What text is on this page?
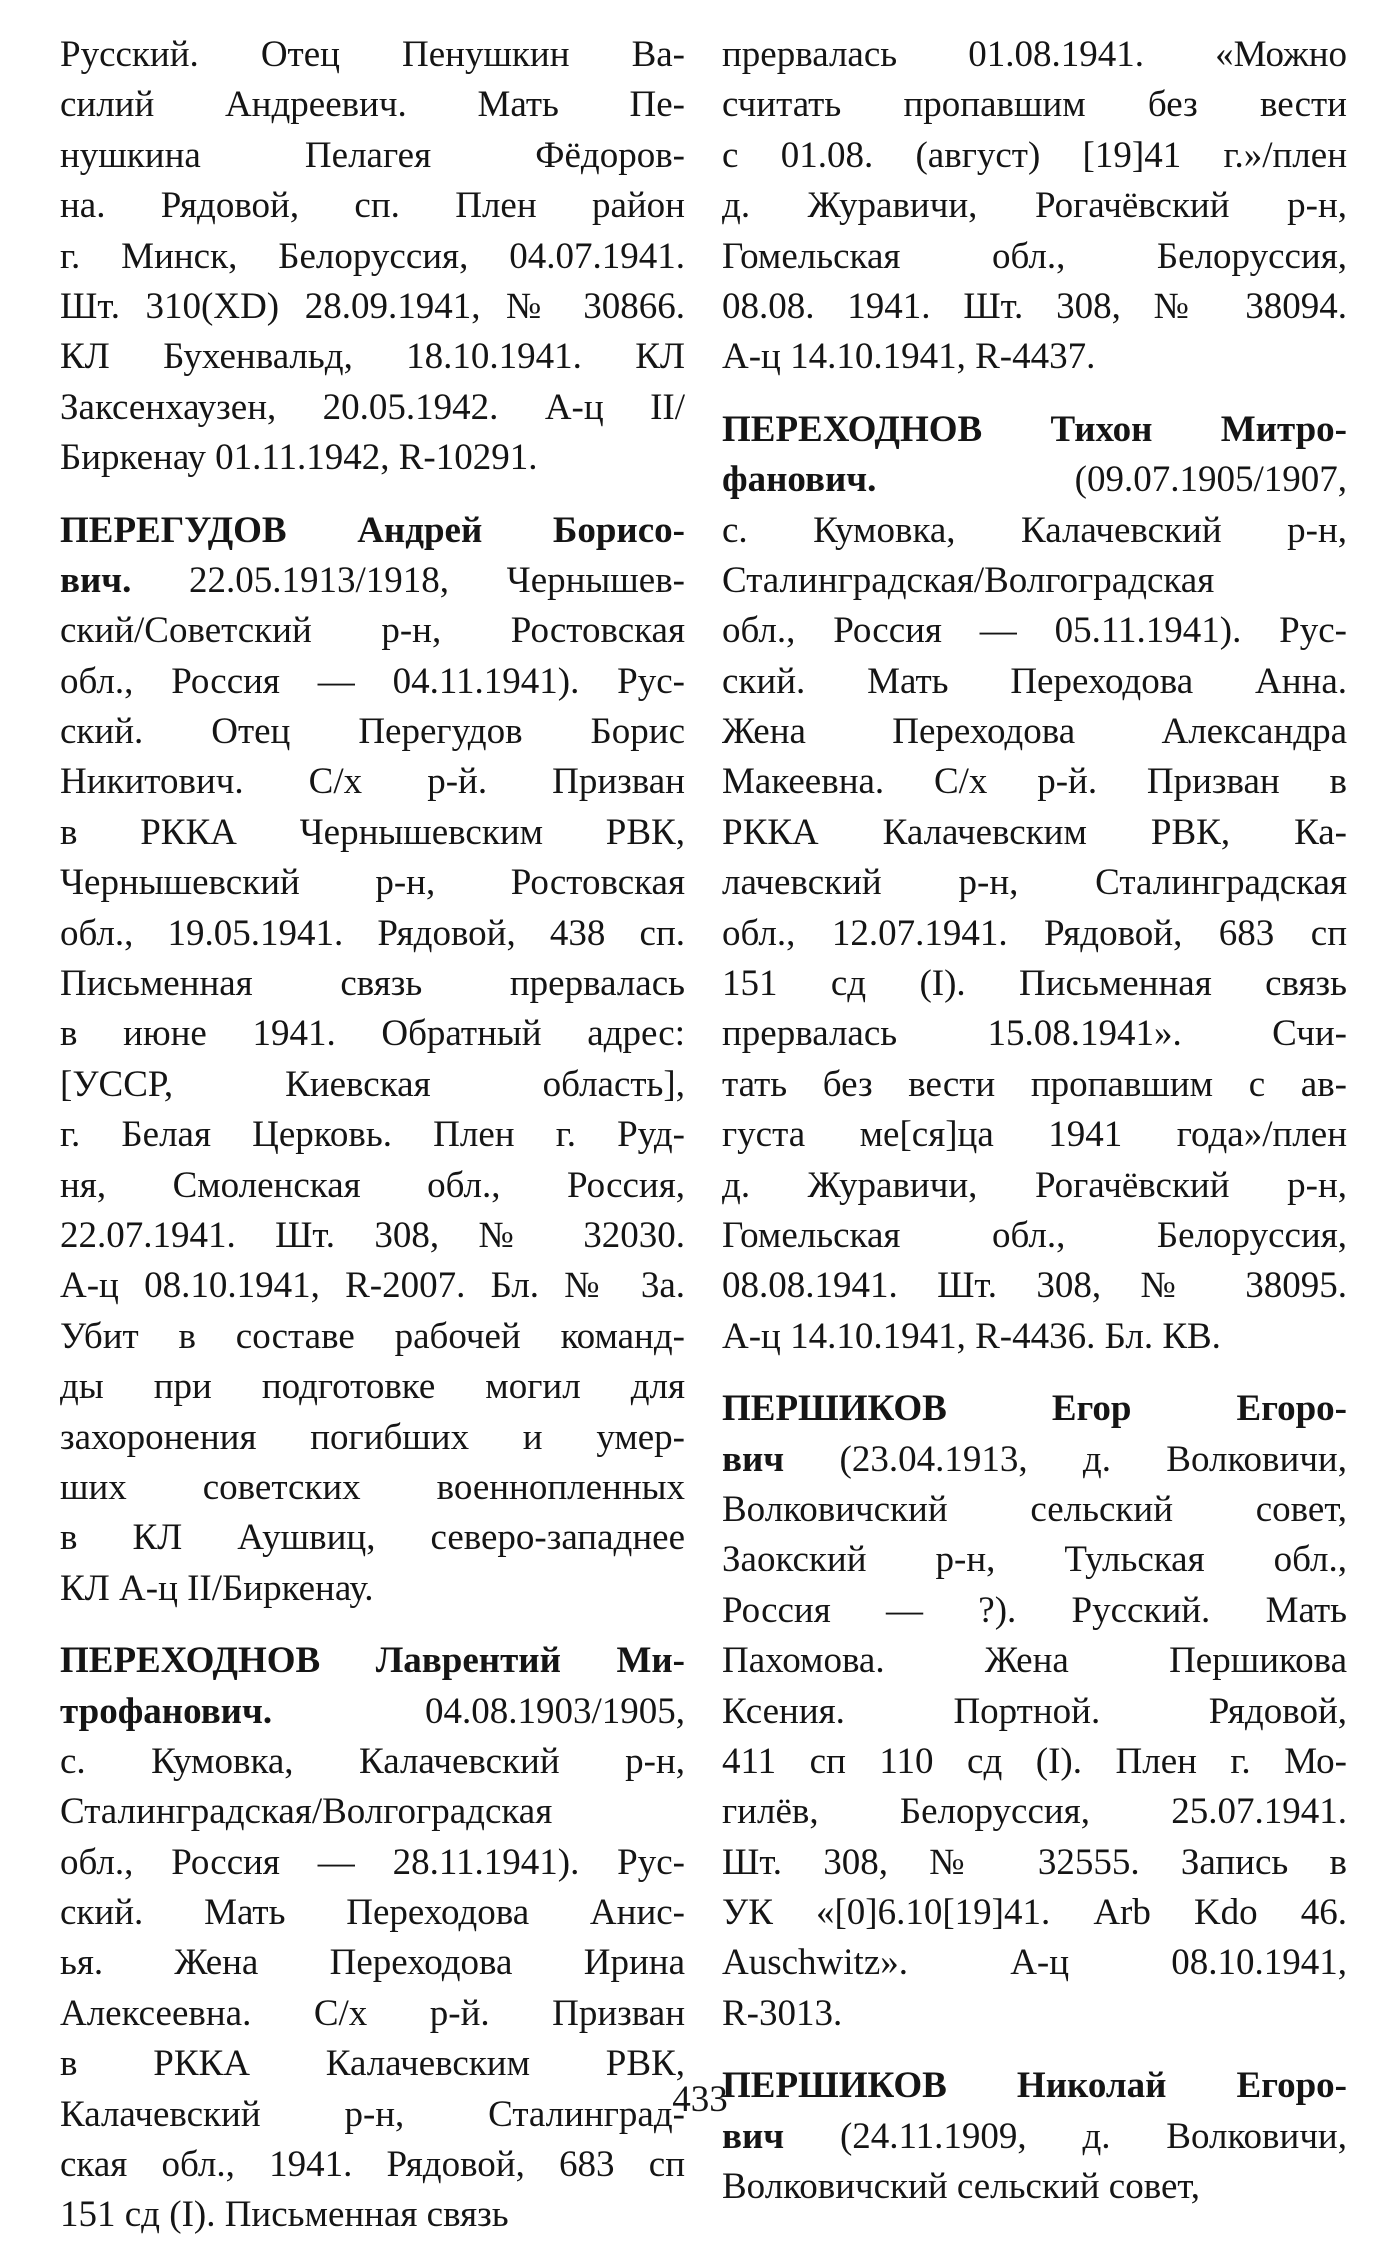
Русский. Отец Пенушкин Ва-
силий Андреевич. Мать Пе-
нушкина Пелагея Фёдоров-
на. Рядовой, сп. Плен район
г. Минск, Белоруссия, 04.07.1941.
Шт. 310(XD) 28.09.1941, № 30866.
КЛ Бухенвальд, 18.10.1941. КЛ
Заксенхаузен, 20.05.1942. А-ц II/
Биркенау 01.11.1942, R-10291.
ПЕРЕГУДОВ Андрей Борисо-
вич. 22.05.1913/1918, Чернышев-
ский/Советский р-н, Ростовская
обл., Россия — 04.11.1941). Рус-
ский. Отец Перегудов Борис
Никитович. С/х р-й. Призван
в РККА Чернышевским РВК,
Чернышевский р-н, Ростовская
обл., 19.05.1941. Рядовой, 438 сп.
Письменная связь прервалась
в июне 1941. Обратный адрес:
[УССР, Киевская область],
г. Белая Церковь. Плен г. Руд-
ня, Смоленская обл., Россия,
22.07.1941. Шт. 308, № 32030.
А-ц 08.10.1941, R-2007. Бл. № 3а.
Убит в составе рабочей команд-
ды при подготовке могил для
захоронения погибших и умер-
ших советских военнопленных
в КЛ Аушвиц, северо-западнее
КЛ А-ц II/Биркенау.
ПЕРЕХОДНОВ Лаврентий Ми-
трофанович. 04.08.1903/1905,
с. Кумовка, Калачевский р-н,
Сталинградская/Волгоградская
обл., Россия — 28.11.1941). Рус-
ский. Мать Переходова Анис-
ья. Жена Переходова Ирина
Алексеевна. С/х р-й. Призван
в РККА Калачевским РВК,
Калачевский р-н, Сталинград-
ская обл., 1941. Рядовой, 683 сп
151 сд (I). Письменная связь
прервалась 01.08.1941. «Можно
считать пропавшим без вести
с 01.08. (август) [19]41 г.»/плен
д. Журавичи, Рогачёвский р-н,
Гомельская обл., Белоруссия,
08.08. 1941. Шт. 308, № 38094.
А-ц 14.10.1941, R-4437.
ПЕРЕХОДНОВ Тихон Митро-
фанович. (09.07.1905/1907,
с. Кумовка, Калачевский р-н,
Сталинградская/Волгоградская
обл., Россия — 05.11.1941). Рус-
ский. Мать Переходова Анна.
Жена Переходова Александра
Макеевна. С/х р-й. Призван в
РККА Калачевским РВК, Ка-
лачевский р-н, Сталинградская
обл., 12.07.1941. Рядовой, 683 сп
151 сд (I). Письменная связь
прервалась 15.08.1941». Счи-
тать без вести пропавшим с ав-
густа ме[ся]ца 1941 года»/плен
д. Журавичи, Рогачёвский р-н,
Гомельская обл., Белоруссия,
08.08.1941. Шт. 308, № 38095.
А-ц 14.10.1941, R-4436. Бл. КВ.
ПЕРШИКОВ Егор Егоро-
вич (23.04.1913, д. Волковичи,
Волковичский сельский совет,
Заокский р-н, Тульская обл.,
Россия — ?). Русский. Мать
Пахомова. Жена Першикова
Ксения. Портной. Рядовой,
411 сп 110 сд (I). Плен г. Мо-
гилёв, Белоруссия, 25.07.1941.
Шт. 308, № 32555. Запись в
УК «[0]6.10[19]41. Arb Kdo 46.
Auschwitz». А-ц 08.10.1941,
R-3013.
ПЕРШИКОВ Николай Егоро-
вич (24.11.1909, д. Волковичи,
Волковичский сельский совет,
433
